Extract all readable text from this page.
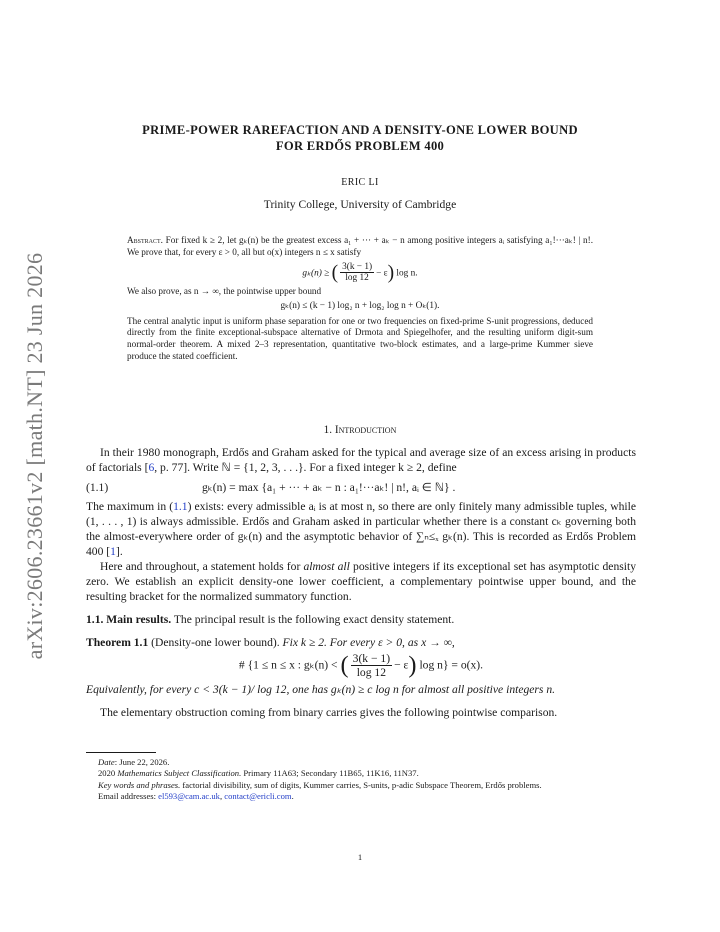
arXiv:2606.23661v2 [math.NT] 23 Jun 2026
PRIME-POWER RAREFACTION AND A DENSITY-ONE LOWER BOUND
FOR ERDŐS PROBLEM 400
ERIC LI
Trinity College, University of Cambridge
Abstract. For fixed k ≥ 2, let gₖ(n) be the greatest excess a₁ + ··· + aₖ − n among positive integers aᵢ satisfying a₁!···aₖ! | n!. We prove that, for every ε > 0, all but o(x) integers n ≤ x satisfy
gₖ(n) ≥ ( $\frac{3(k - 1)}{\log 12} - \varepsilon$) log n.
We also prove, as n → ∞, the pointwise upper bound
gₖ(n) ≤ (k − 1) log₂ n + log₂ log n + Oₖ(1).
The central analytic input is uniform phase separation for one or two frequencies on fixed-prime S-unit progressions, deduced directly from the finite exceptional-subspace alternative of Drmota and Spiegelhofer, and the resulting uniform digit-sum normal-order theorem. A mixed 2–3 representation, quantitative two-block estimates, and a large-prime Kummer sieve produce the stated coefficient.
1. Introduction

In their 1980 monograph, Erdős and Graham asked for the typical and average size of an excess arising in products of factorials [6, p. 77]. Write ℕ = {1, 2, 3, . . .}. For a fixed integer k ≥ 2, define

(1.1)	gₖ(n) = max {a₁ + ··· + aₖ − n : a₁!···aₖ! | n!, aᵢ ∈ ℕ} .

The maximum in (1.1) exists: every admissible aᵢ is at most n, so there are only finitely many admissible tuples, while (1, . . . , 1) is always admissible. Erdős and Graham asked in particular whether there is a constant cₖ governing both the almost-everywhere order of gₖ(n) and the asymptotic behavior of ∑ₙ≤ₓ gₖ(n). This is recorded as Erdős Problem 400 [1].

Here and throughout, a statement holds for almost all positive integers if its exceptional set has asymptotic density zero. We establish an explicit density-one lower coefficient, a complementary pointwise upper bound, and the resulting bracket for the normalized summatory function.

1.1. Main results. The principal result is the following exact density statement.

Theorem 1.1 (Density-one lower bound). Fix k ≥ 2. For every ε > 0, as x → ∞,

# {1 ≤ n ≤ x : gₖ(n) < ( $\frac{3(k - 1)}{\log 12} - \varepsilon$) log n} = o(x).

Equivalently, for every c < 3(k − 1)/ log 12, one has gₖ(n) ≥ c log n for almost all positive integers n.

The elementary obstruction coming from binary carries gives the following pointwise comparison.

Date: June 22, 2026.
2020 Mathematics Subject Classification. Primary 11A63; Secondary 11B65, 11K16, 11N37.
Key words and phrases. factorial divisibility, sum of digits, Kummer carries, S-units, p-adic Subspace Theorem, Erdős problems.
Email addresses: el593@cam.ac.uk, contact@ericli.com.
1
